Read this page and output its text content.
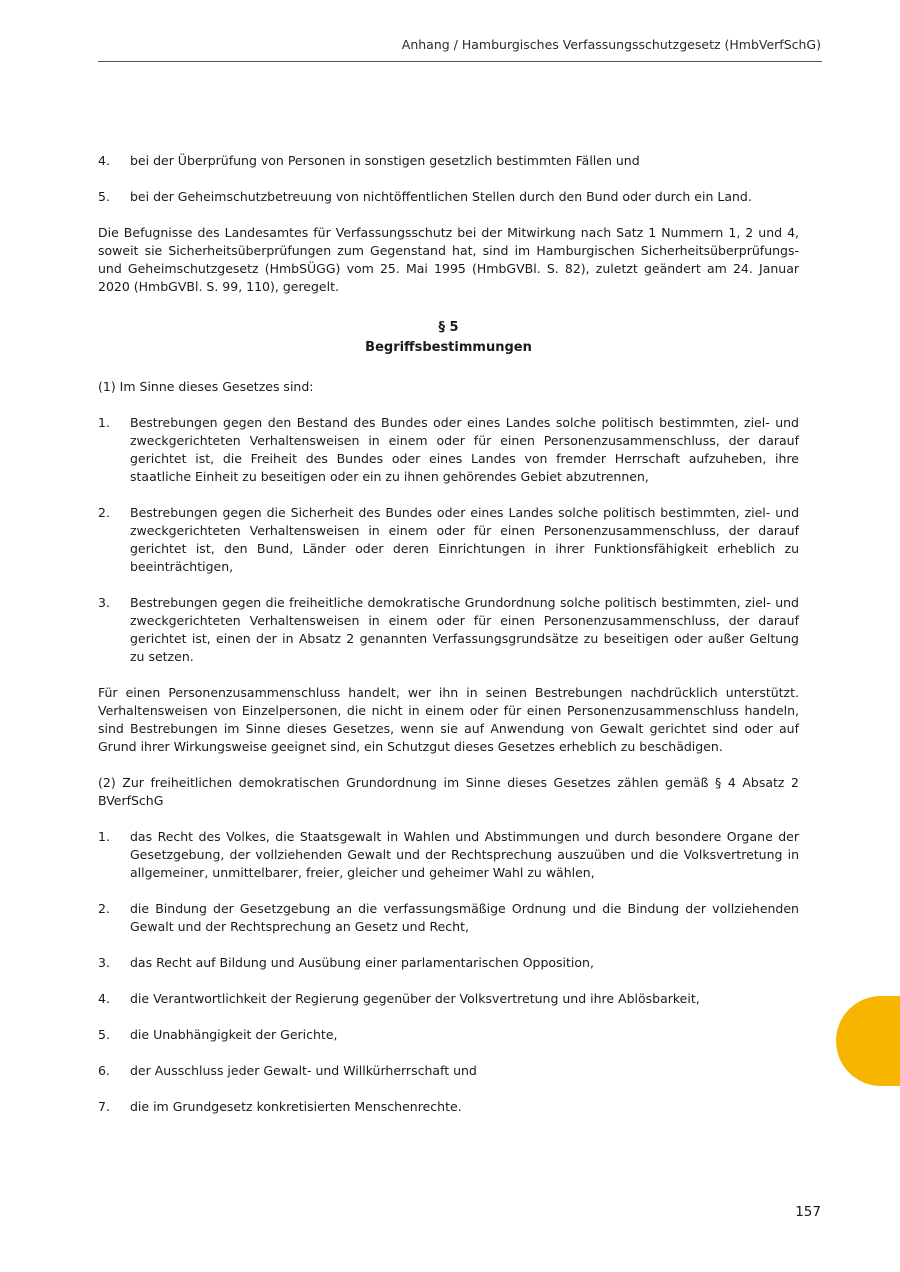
Anhang / Hamburgisches Verfassungsschutzgesetz (HmbVerfSchG)
4.	bei der Überprüfung von Personen in sonstigen gesetzlich bestimmten Fällen und
5.	bei der Geheimschutzbetreuung von nichtöffentlichen Stellen durch den Bund oder durch ein Land.

Die Befugnisse des Landesamtes für Verfassungsschutz bei der Mitwirkung nach Satz 1 Nummern 1, 2 und 4, soweit sie Sicherheitsüberprüfungen zum Gegenstand hat, sind im Hamburgischen Sicherheitsüberprüfungs- und Geheimschutzgesetz (HmbSÜGG) vom 25. Mai 1995 (HmbGVBl. S. 82), zuletzt geändert am 24. Januar 2020 (HmbGVBl. S. 99, 110), geregelt.

§ 5
Begriffsbestimmungen

(1) Im Sinne dieses Gesetzes sind:

1.	Bestrebungen gegen den Bestand des Bundes oder eines Landes solche politisch bestimmten, ziel- und zweckgerichteten Verhaltensweisen in einem oder für einen Personenzusammenschluss, der darauf gerichtet ist, die Freiheit des Bundes oder eines Landes von fremder Herrschaft aufzuheben, ihre staatliche Einheit zu beseitigen oder ein zu ihnen gehörendes Gebiet abzutrennen,
2.	Bestrebungen gegen die Sicherheit des Bundes oder eines Landes solche politisch bestimmten, ziel- und zweckgerichteten Verhaltensweisen in einem oder für einen Personenzusammenschluss, der darauf gerichtet ist, den Bund, Länder oder deren Einrichtungen in ihrer Funktionsfähigkeit erheblich zu beeinträchtigen,
3.	Bestrebungen gegen die freiheitliche demokratische Grundordnung solche politisch bestimmten, ziel- und zweckgerichteten Verhaltensweisen in einem oder für einen Personenzusammenschluss, der darauf gerichtet ist, einen der in Absatz 2 genannten Verfassungsgrundsätze zu beseitigen oder außer Geltung zu setzen.

Für einen Personenzusammenschluss handelt, wer ihn in seinen Bestrebungen nachdrücklich unterstützt. Verhaltensweisen von Einzelpersonen, die nicht in einem oder für einen Personenzusammenschluss handeln, sind Bestrebungen im Sinne dieses Gesetzes, wenn sie auf Anwendung von Gewalt gerichtet sind oder auf Grund ihrer Wirkungsweise geeignet sind, ein Schutzgut dieses Gesetzes erheblich zu beschädigen.

(2) Zur freiheitlichen demokratischen Grundordnung im Sinne dieses Gesetzes zählen gemäß § 4 Absatz 2 BVerfSchG

1.	das Recht des Volkes, die Staatsgewalt in Wahlen und Abstimmungen und durch besondere Organe der Gesetzgebung, der vollziehenden Gewalt und der Rechtsprechung auszuüben und die Volksvertretung in allgemeiner, unmittelbarer, freier, gleicher und geheimer Wahl zu wählen,
2.	die Bindung der Gesetzgebung an die verfassungsmäßige Ordnung und die Bindung der vollziehenden Gewalt und der Rechtsprechung an Gesetz und Recht,
3.	das Recht auf Bildung und Ausübung einer parlamentarischen Opposition,
4.	die Verantwortlichkeit der Regierung gegenüber der Volksvertretung und ihre Ablösbarkeit,
5.	die Unabhängigkeit der Gerichte,
6.	der Ausschluss jeder Gewalt- und Willkürherrschaft und
7.	die im Grundgesetz konkretisierten Menschenrechte.
157
